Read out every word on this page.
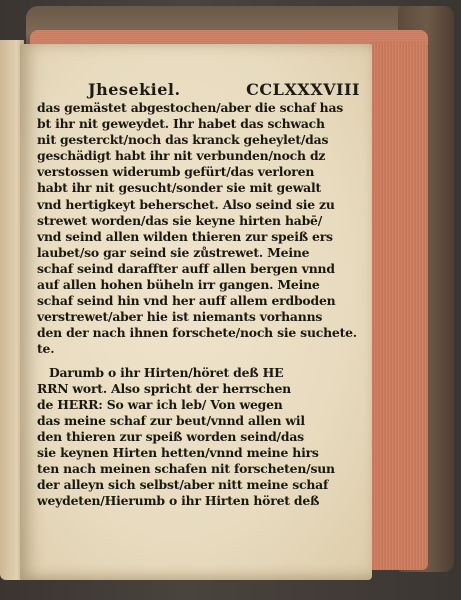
Jhesekiel.	CCLXXXVIII
das gemästet abgestochen/aber die schaf has
bt ihr nit geweydet. Ihr habet das schwach
nit gesterckt/noch das kranck geheylet/das
geschädigt habt ihr nit verbunden/noch dz
verstossen widerumb gefürt/das verloren
habt ihr nit gesucht/sonder sie mit gewalt
vnd hertigkeyt beherschet. Also seind sie zu
strewet worden/das sie keyne hirten habē/
vnd seind allen wilden thieren zur speiß ers
laubet/so gar seind sie zůstrewet. Meine
schaf seind daraffter auff allen bergen vnnd
auf allen hohen büheln irr gangen. Meine
schaf seind hin vnd her auff allem erdboden
verstrewet/aber hie ist niemants vorhanns
den der nach ihnen forschete/noch sie suchete.
te.
Darumb o ihr Hirten/höret deß HE
RRN wort. Also spricht der herrschen
de HERR: So war ich leb/ Von wegen
das meine schaf zur beut/vnnd allen wil
den thieren zur speiß worden seind/das
sie keynen Hirten hetten/vnnd meine hirs
ten nach meinen schafen nit forscheten/sun
der alleyn sich selbst/aber nitt meine schaf
weydeten/Hierumb o ihr Hirten höret deß
